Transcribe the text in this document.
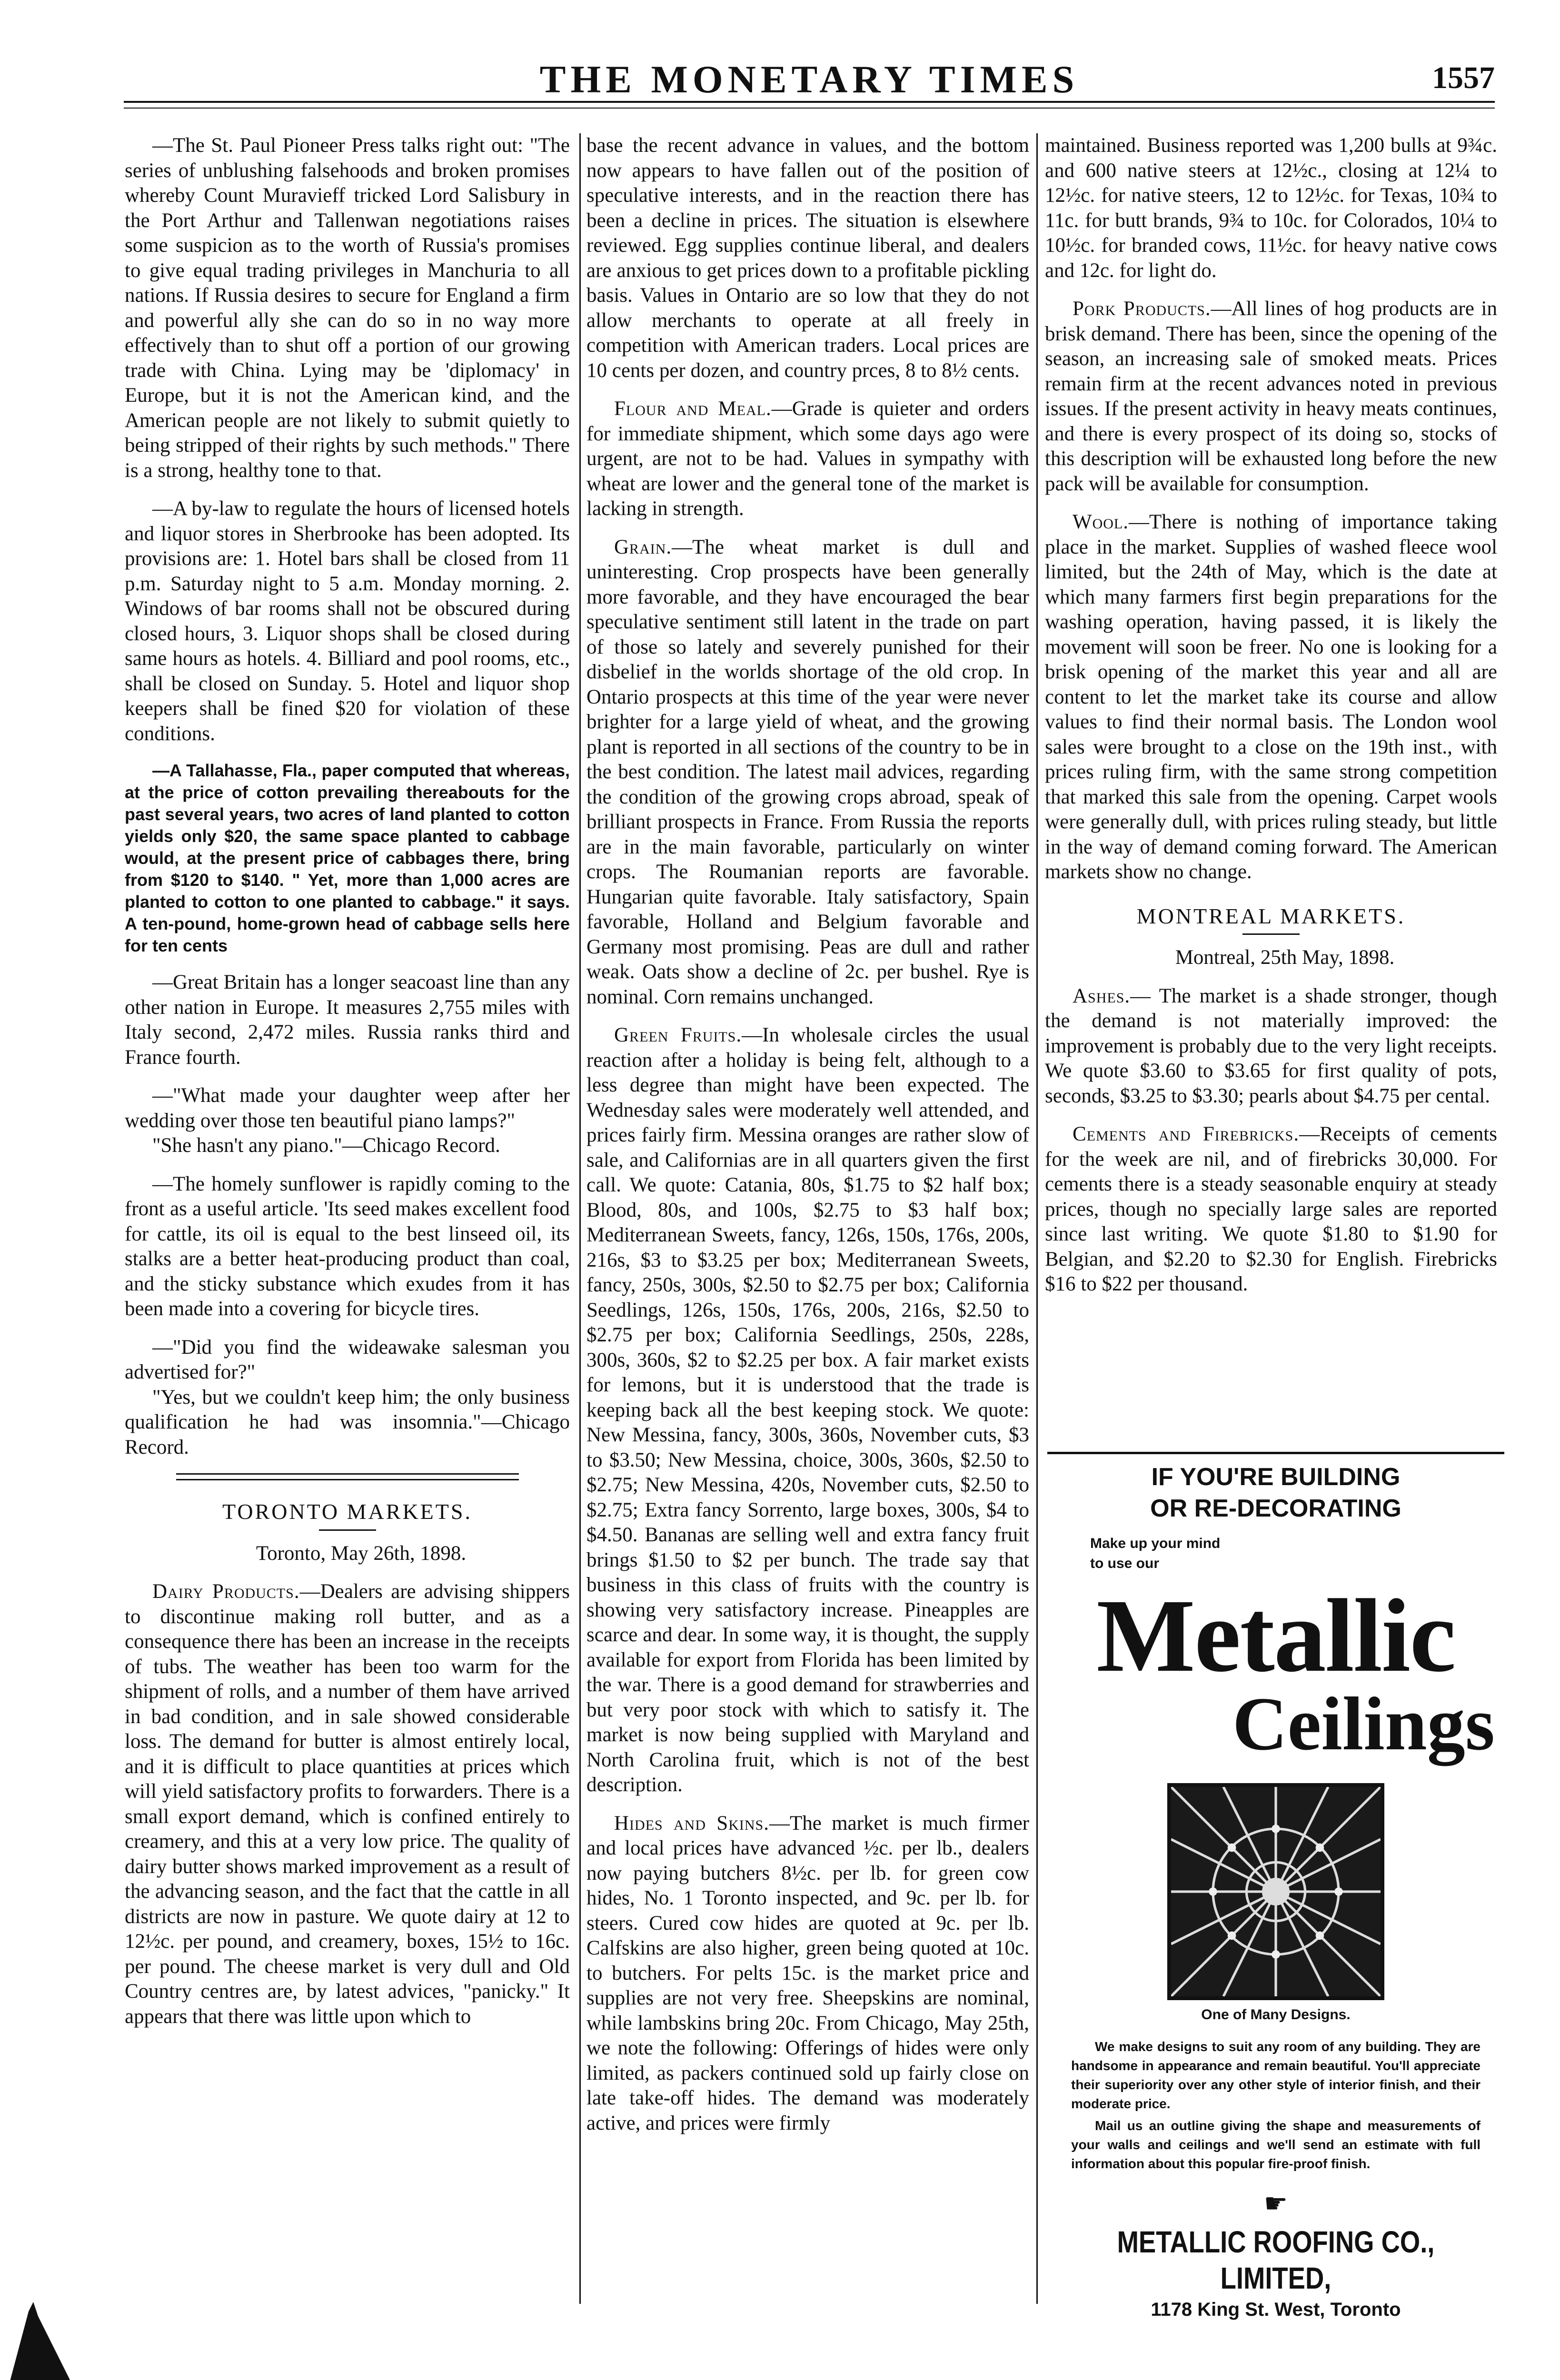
THE MONETARY TIMES	1557

—The St. Paul Pioneer Press talks right out: "The series of unblushing falsehoods and broken promises whereby Count Muravieff tricked Lord Salisbury in the Port Arthur and Tallenwan negotiations raises some suspicion as to the worth of Russia's promises to give equal trading privileges in Manchuria to all nations. If Russia desires to secure for England a firm and powerful ally she can do so in no way more effectively than to shut off a portion of our growing trade with China. Lying may be 'diplomacy' in Europe, but it is not the American kind, and the American people are not likely to submit quietly to being stripped of their rights by such methods." There is a strong, healthy tone to that.

—A by-law to regulate the hours of licensed hotels and liquor stores in Sherbrooke has been adopted. Its provisions are: 1. Hotel bars shall be closed from 11 p.m. Saturday night to 5 a.m. Monday morning. 2. Windows of bar rooms shall not be obscured during closed hours, 3. Liquor shops shall be closed during same hours as hotels. 4. Billiard and pool rooms, etc., shall be closed on Sunday. 5. Hotel and liquor shop keepers shall be fined $20 for violation of these conditions.

—A Tallahasse, Fla., paper computed that whereas, at the price of cotton prevailing thereabouts for the past several years, two acres of land planted to cotton yields only $20, the same space planted to cabbage would, at the present price of cabbages there, bring from $120 to $140. " Yet, more than 1,000 acres are planted to cotton to one planted to cabbage." it says. A ten-pound, home-grown head of cabbage sells here for ten cents

—Great Britain has a longer seacoast line than any other nation in Europe. It measures 2,755 miles with Italy second, 2,472 miles. Russia ranks third and France fourth.

—"What made your daughter weep after her wedding over those ten beautiful piano lamps?"

"She hasn't any piano."—Chicago Record.

—The homely sunflower is rapidly coming to the front as a useful article. 'Its seed makes excellent food for cattle, its oil is equal to the best linseed oil, its stalks are a better heat-producing product than coal, and the sticky substance which exudes from it has been made into a covering for bicycle tires.

—"Did you find the wideawake salesman you advertised for?"

"Yes, but we couldn't keep him; the only business qualification he had was insomnia."—Chicago Record.

TORONTO MARKETS.

Toronto, May 26th, 1898.

Dairy Products.—Dealers are advising shippers to discontinue making roll butter, and as a consequence there has been an increase in the receipts of tubs. The weather has been too warm for the shipment of rolls, and a number of them have arrived in bad condition, and in sale showed considerable loss. The demand for butter is almost entirely local, and it is difficult to place quantities at prices which will yield satisfactory profits to forwarders. There is a small export demand, which is confined entirely to creamery, and this at a very low price. The quality of dairy butter shows marked improvement as a result of the advancing season, and the fact that the cattle in all districts are now in pasture. We quote dairy at 12 to 12½c. per pound, and creamery, boxes, 15½ to 16c. per pound. The cheese market is very dull and Old Country centres are, by latest advices, "panicky." It appears that there was little upon which to

base the recent advance in values, and the bottom now appears to have fallen out of the position of speculative interests, and in the reaction there has been a decline in prices. The situation is elsewhere reviewed. Egg supplies continue liberal, and dealers are anxious to get prices down to a profitable pickling basis. Values in Ontario are so low that they do not allow merchants to operate at all freely in competition with American traders. Local prices are 10 cents per dozen, and country prces, 8 to 8½ cents.

Flour and Meal.—Grade is quieter and orders for immediate shipment, which some days ago were urgent, are not to be had. Values in sympathy with wheat are lower and the general tone of the market is lacking in strength.

Grain.—The wheat market is dull and uninteresting. Crop prospects have been generally more favorable, and they have encouraged the bear speculative sentiment still latent in the trade on part of those so lately and severely punished for their disbelief in the worlds shortage of the old crop. In Ontario prospects at this time of the year were never brighter for a large yield of wheat, and the growing plant is reported in all sections of the country to be in the best condition. The latest mail advices, regarding the condition of the growing crops abroad, speak of brilliant prospects in France. From Russia the reports are in the main favorable, particularly on winter crops. The Roumanian reports are favorable. Hungarian quite favorable. Italy satisfactory, Spain favorable, Holland and Belgium favorable and Germany most promising. Peas are dull and rather weak. Oats show a decline of 2c. per bushel. Rye is nominal. Corn remains unchanged.

Green Fruits.—In wholesale circles the usual reaction after a holiday is being felt, although to a less degree than might have been expected. The Wednesday sales were moderately well attended, and prices fairly firm. Messina oranges are rather slow of sale, and Californias are in all quarters given the first call. We quote: Catania, 80s, $1.75 to $2 half box; Blood, 80s, and 100s, $2.75 to $3 half box; Mediterranean Sweets, fancy, 126s, 150s, 176s, 200s, 216s, $3 to $3.25 per box; Mediterranean Sweets, fancy, 250s, 300s, $2.50 to $2.75 per box; California Seedlings, 126s, 150s, 176s, 200s, 216s, $2.50 to $2.75 per box; California Seedlings, 250s, 228s, 300s, 360s, $2 to $2.25 per box. A fair market exists for lemons, but it is understood that the trade is keeping back all the best keeping stock. We quote: New Messina, fancy, 300s, 360s, November cuts, $3 to $3.50; New Messina, choice, 300s, 360s, $2.50 to $2.75; New Messina, 420s, November cuts, $2.50 to $2.75; Extra fancy Sorrento, large boxes, 300s, $4 to $4.50. Bananas are selling well and extra fancy fruit brings $1.50 to $2 per bunch. The trade say that business in this class of fruits with the country is showing very satisfactory increase. Pineapples are scarce and dear. In some way, it is thought, the supply available for export from Florida has been limited by the war. There is a good demand for strawberries and but very poor stock with which to satisfy it. The market is now being supplied with Maryland and North Carolina fruit, which is not of the best description.

Hides and Skins.—The market is much firmer and local prices have advanced ½c. per lb., dealers now paying butchers 8½c. per lb. for green cow hides, No. 1 Toronto inspected, and 9c. per lb. for steers. Cured cow hides are quoted at 9c. per lb. Calfskins are also higher, green being quoted at 10c. to butchers. For pelts 15c. is the market price and supplies are not very free. Sheepskins are nominal, while lambskins bring 20c. From Chicago, May 25th, we note the following: Offerings of hides were only limited, as packers continued sold up fairly close on late take-off hides. The demand was moderately active, and prices were firmly

maintained. Business reported was 1,200 bulls at 9¾c. and 600 native steers at 12½c., closing at 12¼ to 12½c. for native steers, 12 to 12½c. for Texas, 10¾ to 11c. for butt brands, 9¾ to 10c. for Colorados, 10¼ to 10½c. for branded cows, 11½c. for heavy native cows and 12c. for light do.

Pork Products.—All lines of hog products are in brisk demand. There has been, since the opening of the season, an increasing sale of smoked meats. Prices remain firm at the recent advances noted in previous issues. If the present activity in heavy meats continues, and there is every prospect of its doing so, stocks of this description will be exhausted long before the new pack will be available for consumption.

Wool.—There is nothing of importance taking place in the market. Supplies of washed fleece wool limited, but the 24th of May, which is the date at which many farmers first begin preparations for the washing operation, having passed, it is likely the movement will soon be freer. No one is looking for a brisk opening of the market this year and all are content to let the market take its course and allow values to find their normal basis. The London wool sales were brought to a close on the 19th inst., with prices ruling firm, with the same strong competition that marked this sale from the opening. Carpet wools were generally dull, with prices ruling steady, but little in the way of demand coming forward. The American markets show no change.

MONTREAL MARKETS.

Montreal, 25th May, 1898.

Ashes.— The market is a shade stronger, though the demand is not materially improved: the improvement is probably due to the very light receipts. We quote $3.60 to $3.65 for first quality of pots, seconds, $3.25 to $3.30; pearls about $4.75 per cental.

Cements and Firebricks.—Receipts of cements for the week are nil, and of firebricks 30,000. For cements there is a steady seasonable enquiry at steady prices, though no specially large sales are reported since last writing. We quote $1.80 to $1.90 for Belgian, and $2.20 to $2.30 for English. Firebricks $16 to $22 per thousand.

IF YOU'RE BUILDING
OR RE-DECORATING
Make up your mind
to use our
Metallic
Ceilings
One of Many Designs.

We make designs to suit any room of any building. They are handsome in appearance and remain beautiful. You'll appreciate their superiority over any other style of interior finish, and their moderate price.

Mail us an outline giving the shape and measurements of your walls and ceilings and we'll send an estimate with full information about this popular fire-proof finish.

☛
METALLIC ROOFING CO., LIMITED,
1178 King St. West, Toronto
